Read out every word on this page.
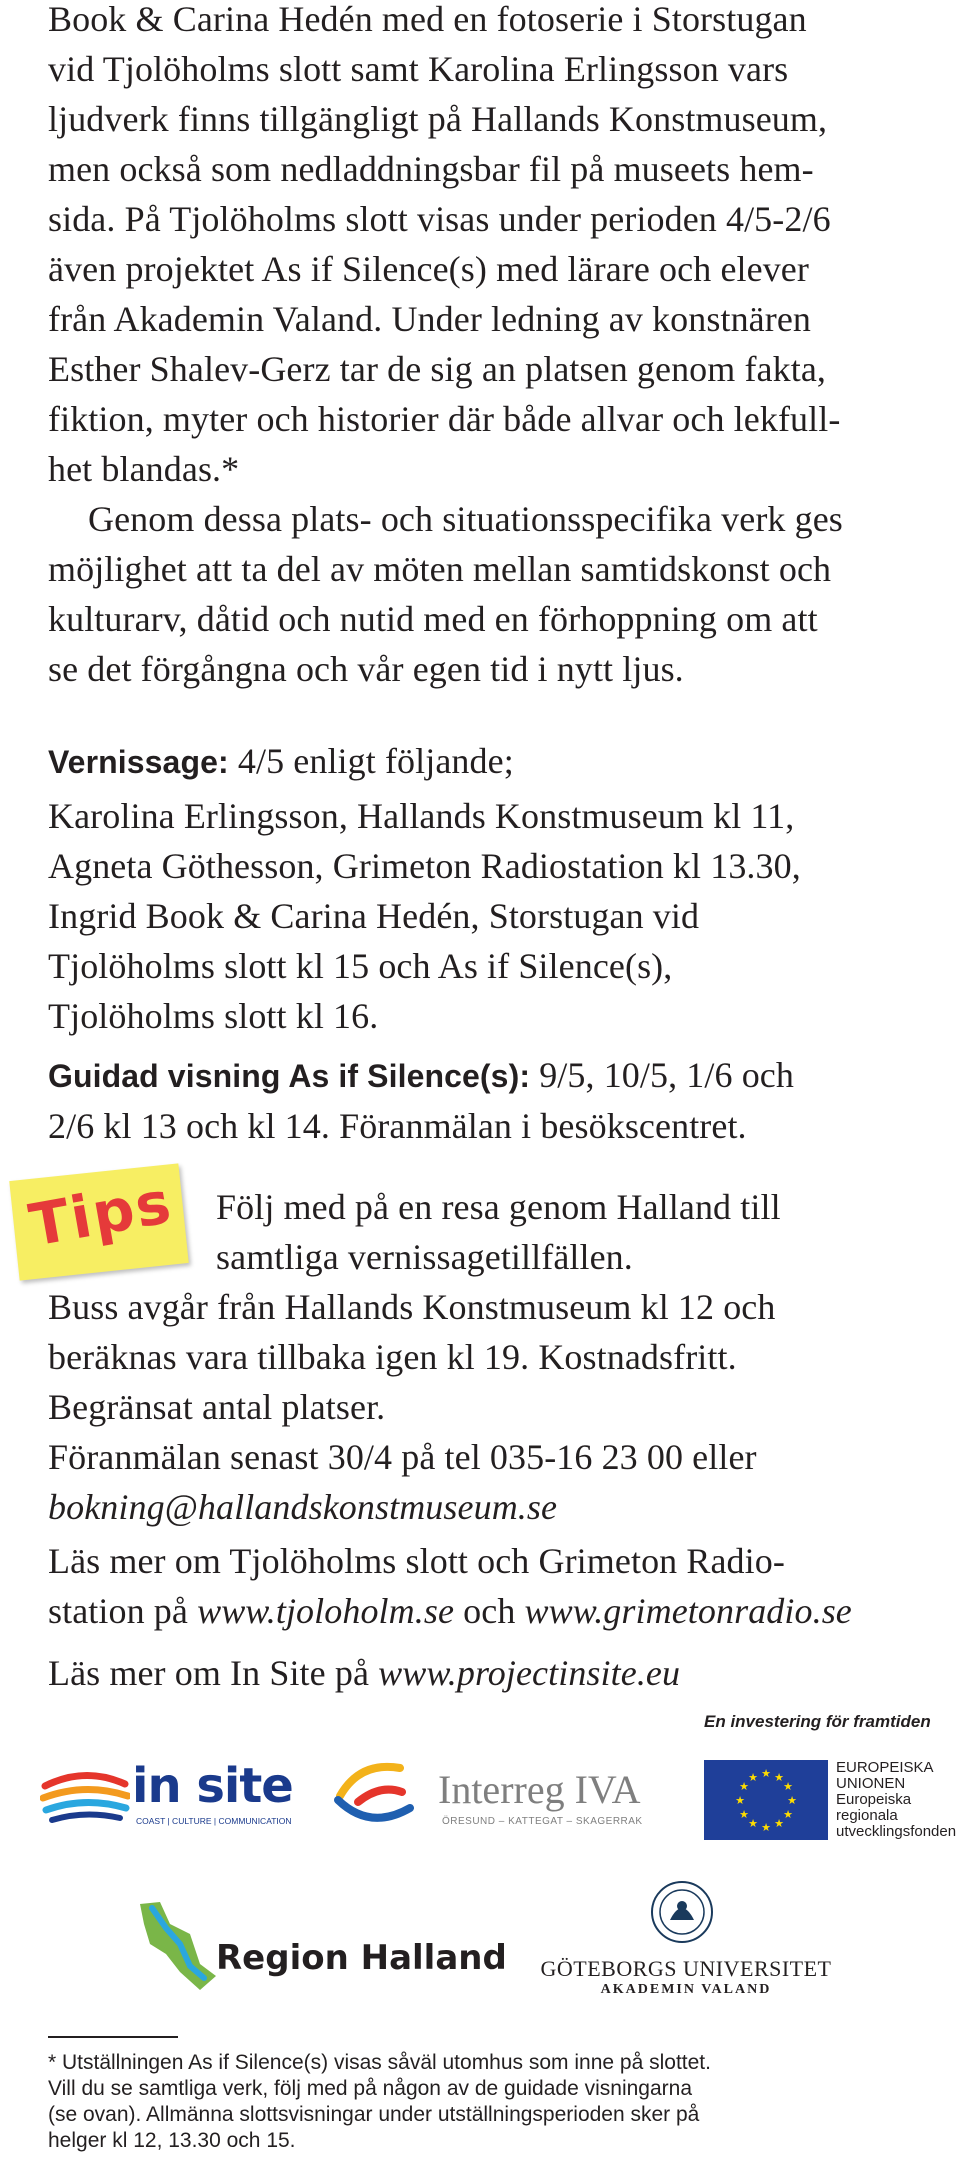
Book & Carina Hedén med en fotoserie i Storstugan
vid Tjolöholms slott samt Karolina Erlingsson vars
ljudverk finns tillgängligt på Hallands Konstmuseum,
men också som nedladdningsbar fil på museets hem-
sida. På Tjolöholms slott visas under perioden 4/5-2/6
även projektet As if Silence(s) med lärare och elever
från Akademin Valand. Under ledning av konstnären
Esther Shalev-Gerz tar de sig an platsen genom fakta,
fiktion, myter och historier där både allvar och lekfull-
het blandas.*
Genom dessa plats- och situationsspecifika verk ges
möjlighet att ta del av möten mellan samtidskonst och
kulturarv, dåtid och nutid med en förhoppning om att
se det förgångna och vår egen tid i nytt ljus.

Vernissage: 4/5 enligt följande;

Karolina Erlingsson, Hallands Konstmuseum kl 11,
Agneta Göthesson, Grimeton Radiostation kl 13.30,
Ingrid Book & Carina Hedén, Storstugan vid
Tjolöholms slott kl 15 och As if Silence(s),
Tjolöholms slott kl 16.

Guidad visning As if Silence(s): 9/5, 10/5, 1/6 och
2/6 kl 13 och kl 14. Föranmälan i besökscentret.

Tips Följ med på en resa genom Halland till
samtliga vernissagetillfällen.

Buss avgår från Hallands Konstmuseum kl 12 och
beräknas vara tillbaka igen kl 19. Kostnadsfritt.
Begränsat antal platser.
Föranmälan senast 30/4 på tel 035-16 23 00 eller
bokning@hallandskonstmuseum.se

Läs mer om Tjolöholms slott och Grimeton Radio-
station på www.tjoloholm.se och www.grimetonradio.se

Läs mer om In Site på www.projectinsite.eu

En investering för framtiden
in site
COAST | CULTURE | COMMUNICATION
Interreg IVA
ÖRESUND – KATTEGAT – SKAGERRAK
★ ★
★
★
★
★
★
★
★
★
★
★
EUROPEISKA
UNIONEN
Europeiska
regionala
utvecklingsfonden
Region Halland GÖTEBORGS UNIVERSITET
AKADEMIN VALAND

* Utställningen As if Silence(s) visas såväl utomhus som inne på slottet.
Vill du se samtliga verk, följ med på någon av de guidade visningarna
(se ovan). Allmänna slottsvisningar under utställningsperioden sker på
helger kl 12, 13.30 och 15.
